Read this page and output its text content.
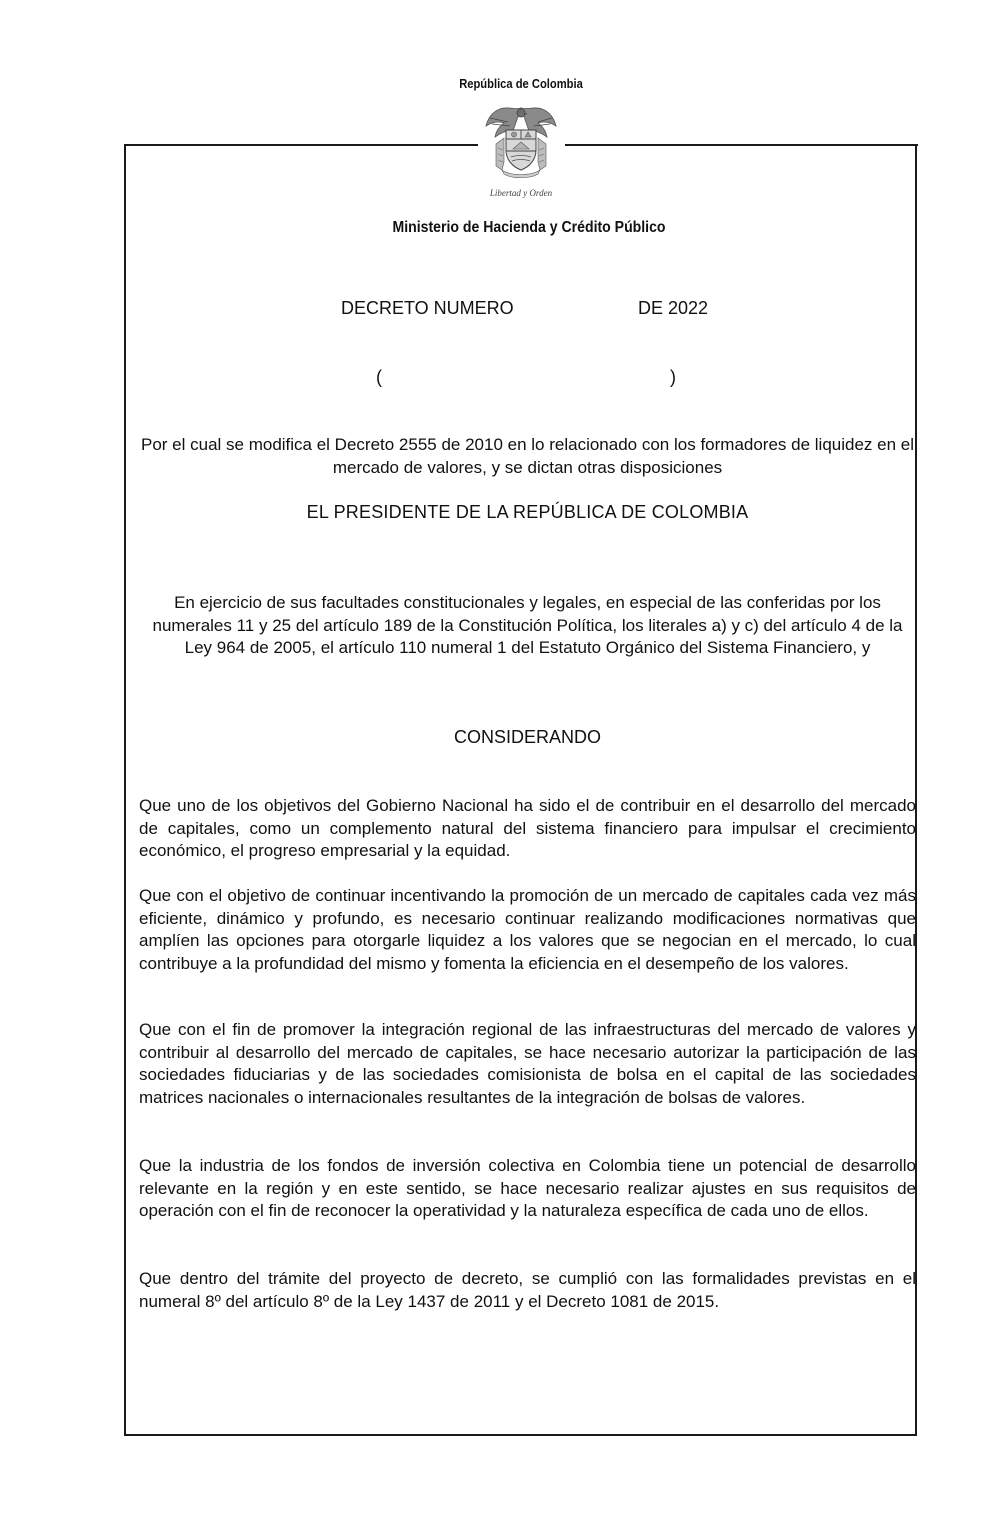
República de Colombia
Libertad y Orden
Ministerio de Hacienda y Crédito Público
DECRETO NUMERO	DE 2022
(	)
Por el cual se modifica el Decreto 2555 de 2010 en lo relacionado con los formadores de liquidez en el mercado de valores, y se dictan otras disposiciones
EL PRESIDENTE DE LA REPÚBLICA DE COLOMBIA
En ejercicio de sus facultades constitucionales y legales, en especial de las conferidas por los numerales 11 y 25 del artículo 189 de la Constitución Política, los literales a) y c) del artículo 4 de la Ley 964 de 2005, el artículo 110 numeral 1 del Estatuto Orgánico del Sistema Financiero, y
CONSIDERANDO

Que uno de los objetivos del Gobierno Nacional ha sido el de contribuir en el desarrollo del mercado de capitales, como un complemento natural del sistema financiero para impulsar el crecimiento económico, el progreso empresarial y la equidad.

Que con el objetivo de continuar incentivando la promoción de un mercado de capitales cada vez más eficiente, dinámico y profundo, es necesario continuar realizando modificaciones normativas que amplíen las opciones para otorgarle liquidez a los valores que se negocian en el mercado, lo cual contribuye a la profundidad del mismo y fomenta la eficiencia en el desempeño de los valores.

Que con el fin de promover la integración regional de las infraestructuras del mercado de valores y contribuir al desarrollo del mercado de capitales, se hace necesario autorizar la participación de las sociedades fiduciarias y de las sociedades comisionista de bolsa en el capital de las sociedades matrices nacionales o internacionales resultantes de la integración de bolsas de valores.

Que la industria de los fondos de inversión colectiva en Colombia tiene un potencial de desarrollo relevante en la región y en este sentido, se hace necesario realizar ajustes en sus requisitos de operación con el fin de reconocer la operatividad y la naturaleza específica de cada uno de ellos.

Que dentro del trámite del proyecto de decreto, se cumplió con las formalidades previstas en el numeral 8º del artículo 8º de la Ley 1437 de 2011 y el Decreto 1081 de 2015.
